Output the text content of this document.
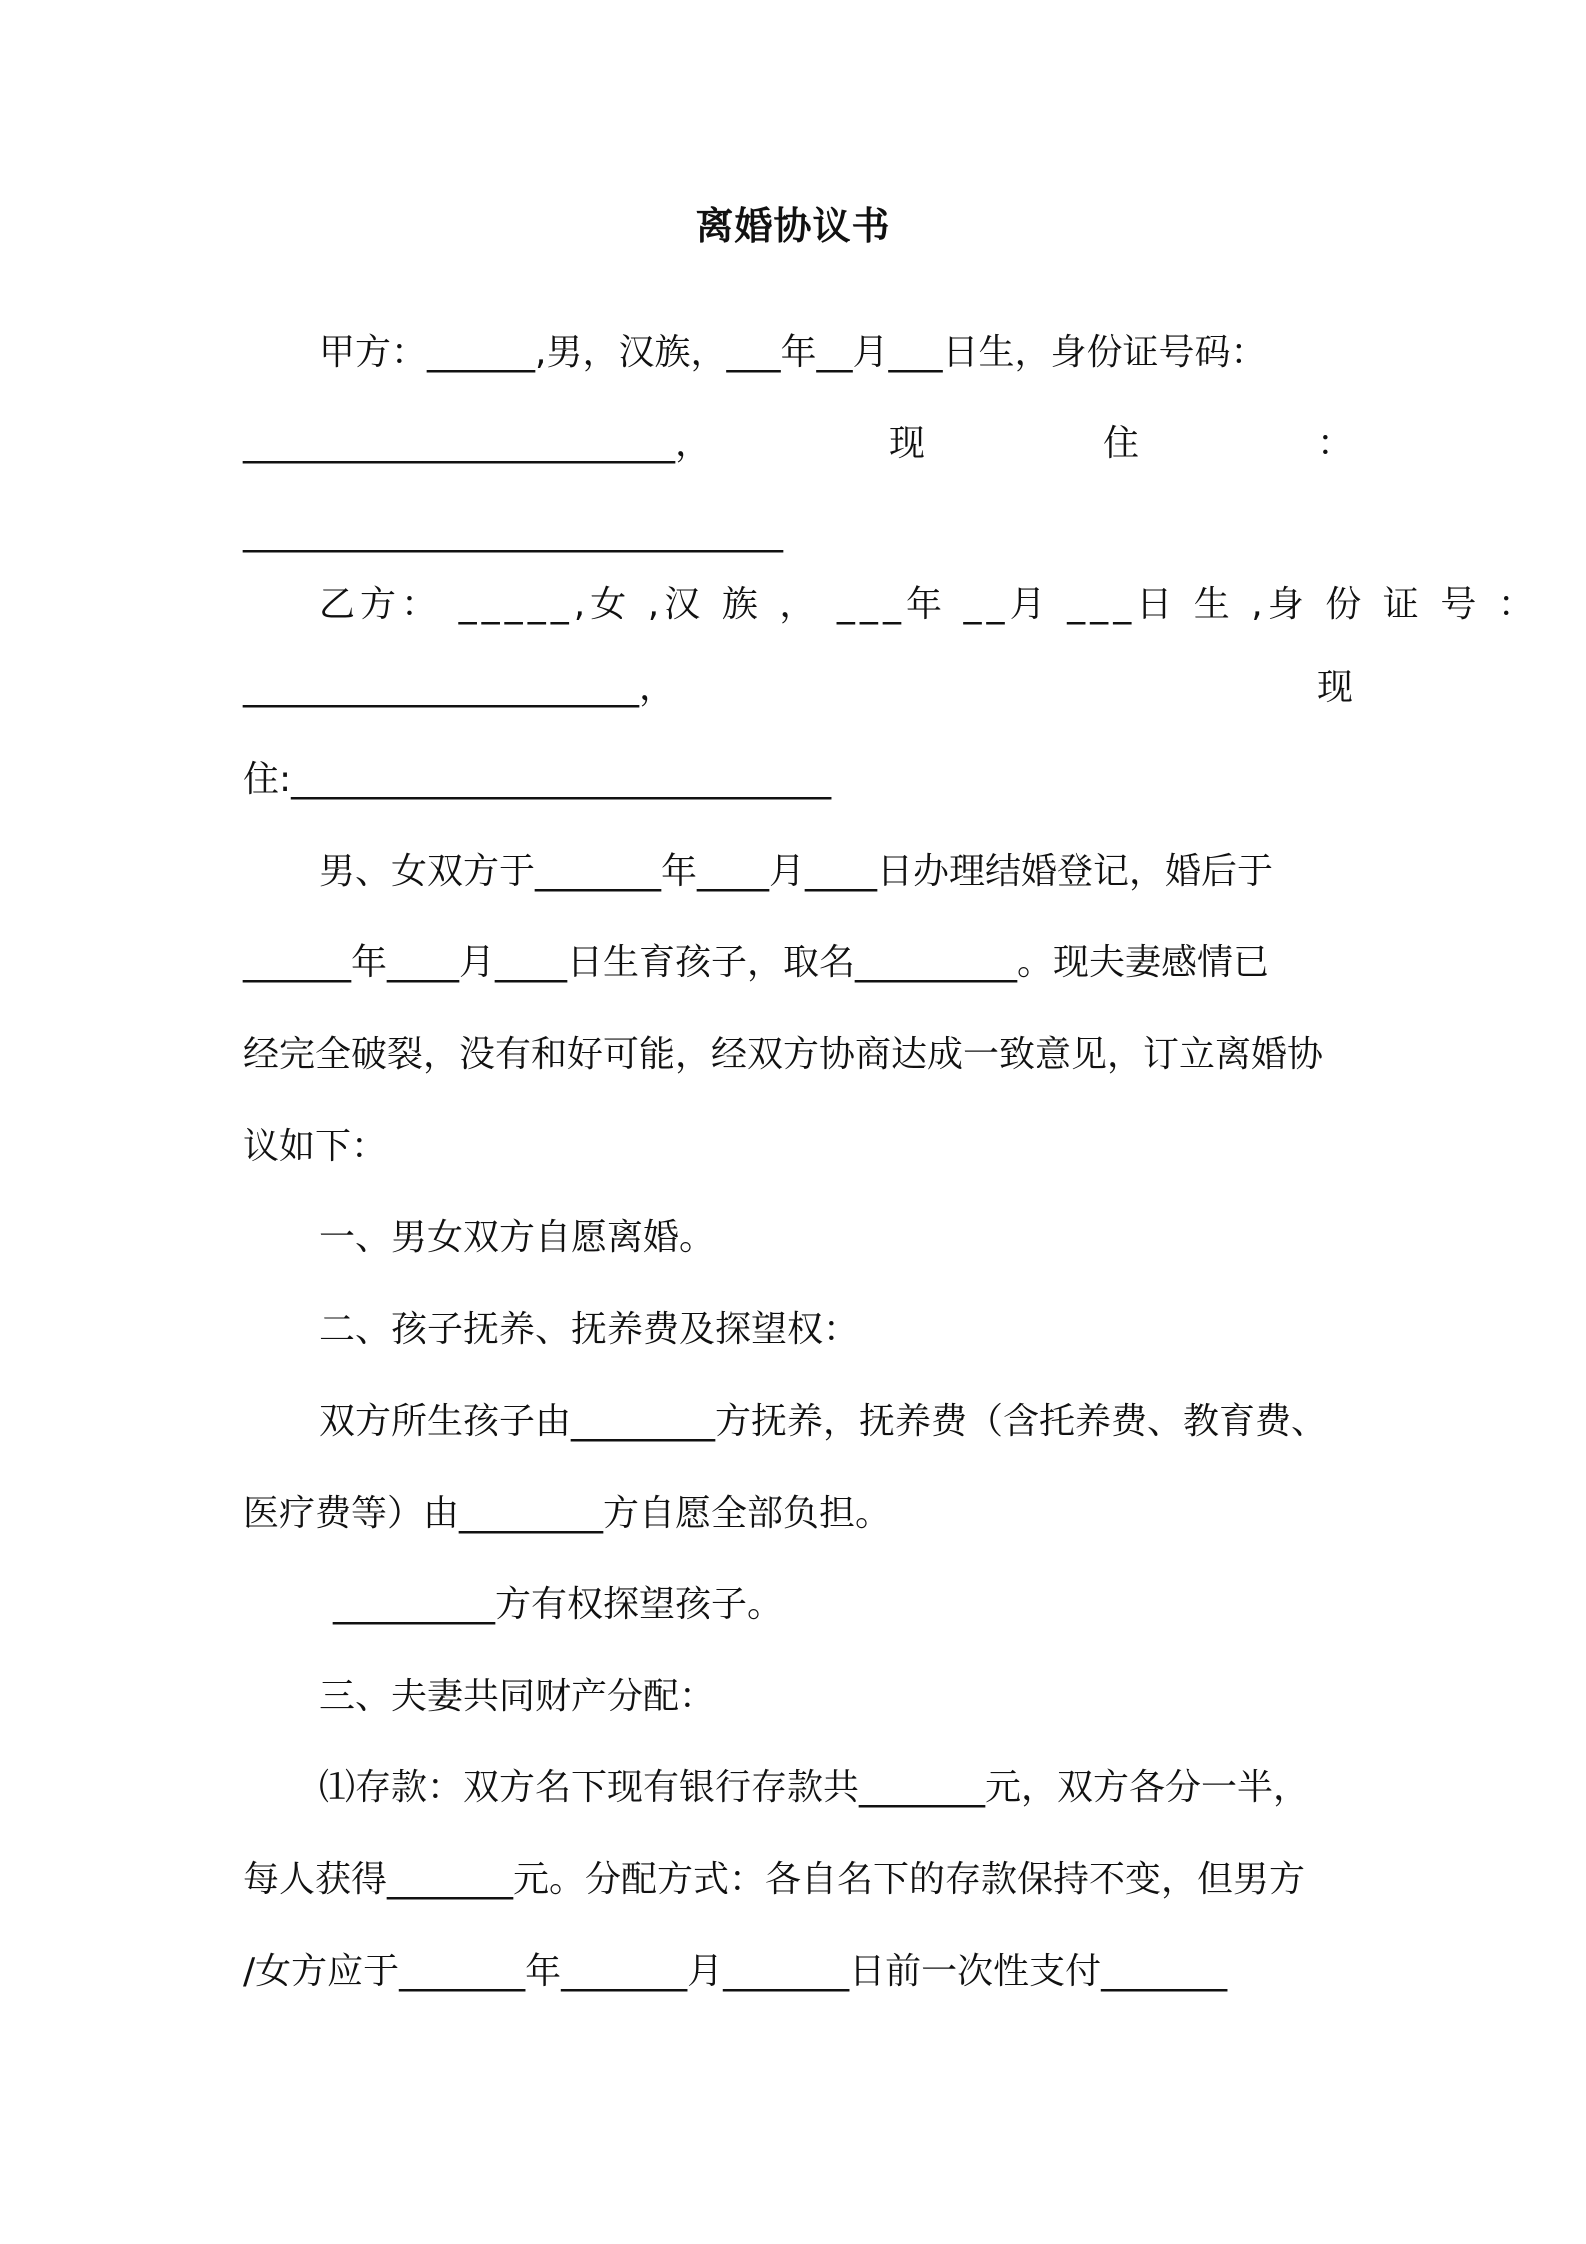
离婚协议书
甲方：______,男，汉族，___年__月___日生，身份证号码：
________________________，	现	住	：
______________________________
乙方： _____,女 ,汉 族 ， ___年 __月 ___日 生 ,身 份 证 号 ：
______________________，	现
住:______________________________
男、女双方于_______年____月____日办理结婚登记，婚后于
______年____月____日生育孩子，取名_________。现夫妻感情已
经完全破裂，没有和好可能，经双方协商达成一致意见，订立离婚协
议如下：
一、男女双方自愿离婚。
二、孩子抚养、抚养费及探望权：
双方所生孩子由________方抚养，抚养费（含托养费、教育费、
医疗费等）由________方自愿全部负担。
_________方有权探望孩子。
三、夫妻共同财产分配：
⑴存款：双方名下现有银行存款共_______元，双方各分一半，
每人获得_______元。分配方式：各自名下的存款保持不变，但男方
/女方应于_______年_______月_______日前一次性支付_______
